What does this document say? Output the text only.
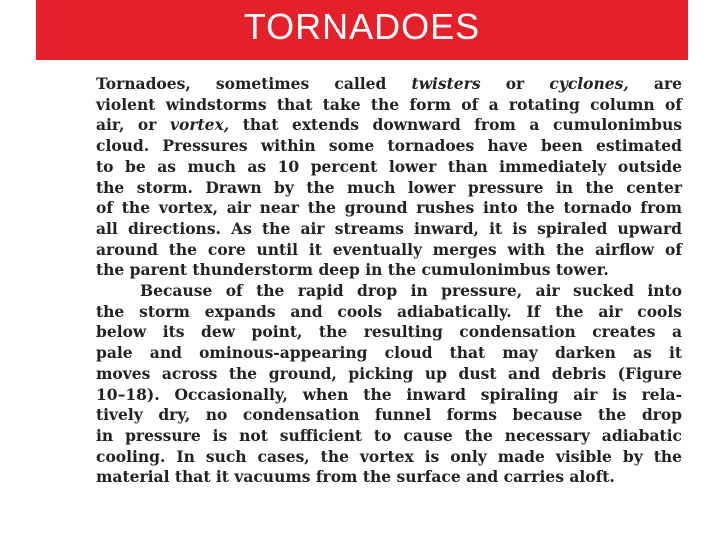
TORNADOES
Tornadoes, sometimes called twisters or cyclones, are
violent windstorms that take the form of a rotating column of
air, or vortex, that extends downward from a cumulonimbus
cloud. Pressures within some tornadoes have been estimated
to be as much as 10 percent lower than immediately outside
the storm. Drawn by the much lower pressure in the center
of the vortex, air near the ground rushes into the tornado from
all directions. As the air streams inward, it is spiraled upward
around the core until it eventually merges with the airflow of
the parent thunderstorm deep in the cumulonimbus tower.
Because of the rapid drop in pressure, air sucked into
the storm expands and cools adiabatically. If the air cools
below its dew point, the resulting condensation creates a
pale and ominous-appearing cloud that may darken as it
moves across the ground, picking up dust and debris (Figure
10–18). Occasionally, when the inward spiraling air is rela-
tively dry, no condensation funnel forms because the drop
in pressure is not sufficient to cause the necessary adiabatic
cooling. In such cases, the vortex is only made visible by the
material that it vacuums from the surface and carries aloft.
